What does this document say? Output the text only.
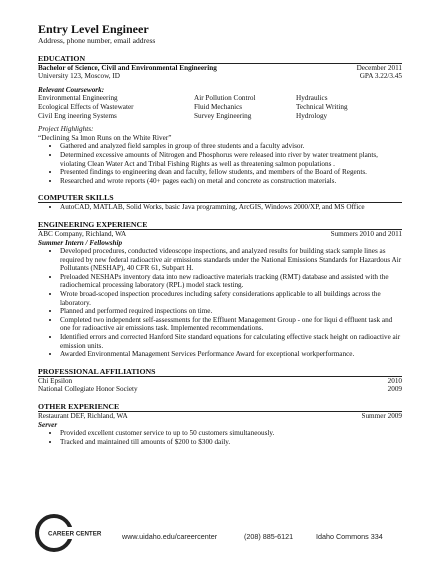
Entry Level Engineer
Address, phone number, email address
EDUCATION
Bachelor of Science, Civil and Environmental Engineering	December 2011
University 123, Moscow, ID	GPA 3.22/3.45
Relevant Coursework:
Environmental Engineering	Air Pollution Control	Hydraulics
Ecological Effects of Wastewater	Fluid Mechanics	Technical Writing
Civil Eng ineering Systems	Survey Engineering	Hydrology
Project Highlights:
“Declining Sa lmon Runs on the White River”
• Gathered and analyzed field samples in group of three students and a faculty advisor.
• Determined excessive amounts of Nitrogen and Phosphorus were released into river by water treatment plants, violating Clean Water Act and Tribal Fishing Rights as well as threatening salmon populations .
• Presented findings to engineering dean and faculty, fellow students, and members of the Board of Regents.
• Researched and wrote reports (40+ pages each) on metal and concrete as construction materials.
COMPUTER SKILLS
• AutoCAD, MATLAB, Solid Works, basic Java programming, ArcGIS, Windows 2000/XP, and MS Office
ENGINEERING EXPERIENCE
ABC Company, Richland, WA	Summers 2010 and 2011
Summer Intern / Fellowship
• Developed procedures, conducted videoscope inspections, and analyzed results for building stack sample lines as required by new federal radioactive air emissions standards under the National Emissions Standards for Hazardous Air Pollutants (NESHAP), 40 CFR 61, Subpart H.
• Preloaded NESHAPs inventory data into new radioactive materials tracking (RMT) database and assisted with the radiochemical processing laboratory (RPL) model stack testing.
• Wrote broad-scoped inspection procedures including safety considerations applicable to all buildings across the laboratory.
• Planned and performed required inspections on time.
• Completed two independent self-assessments for the Effluent Management Group - one for liqui d effluent task and one for radioactive air emissions task. Implemented recommendations.
• Identified errors and corrected Hanford Site standard equations for calculating effective stack height on radioactive air emission units.
• Awarded Environmental Management Services Performance Award for exceptional workperformance.
PROFESSIONAL AFFILIATIONS
Chi Epsilon	2010
National Collegiate Honor Society	2009
OTHER EXPERIENCE
Restaurant DEF, Richland, WA	Summer 2009
Server
• Provided excellent customer service to up to 50 customers simultaneously.
• Tracked and maintained till amounts of $200 to $300 daily.
CAREER CENTER	www.uidaho.edu/careercenter	(208) 885-6121	Idaho Commons 334
